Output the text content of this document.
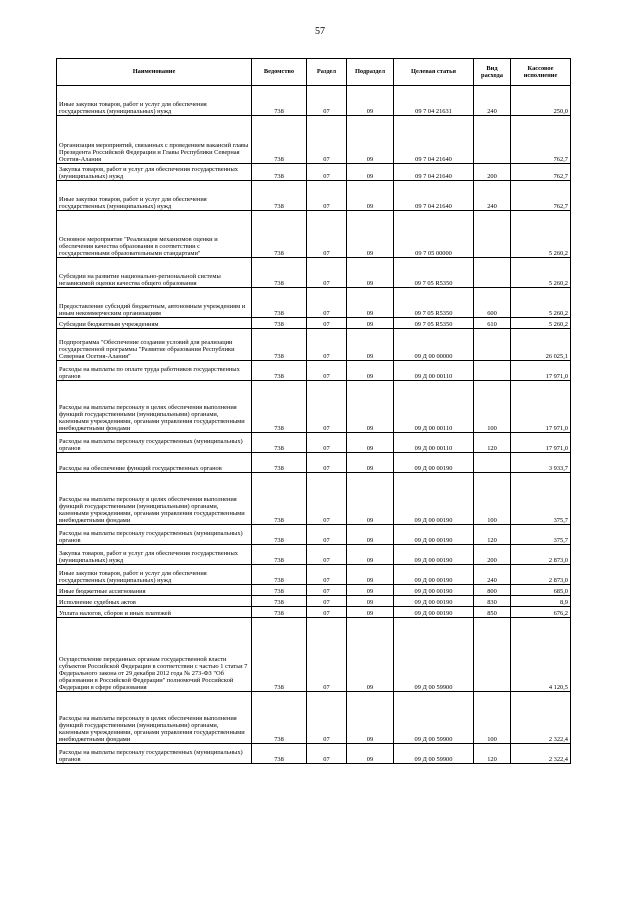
57
Наименование	Ведомство	Раздел	Подраздел	Целевая статья	Вид расхода	Кассовое исполнение
Иные закупки товаров, работ и услуг для обеспечения государственных (муниципальных) нужд	738	07	09	09 7 04 21631	240	250,0
Организация мероприятий, связанных с проведением вакансий главы Президента Российской Федерации и Главы Республики Северная Осетия-Алания	738	07	09	09 7 04 21640		762,7
Закупка товаров, работ и услуг для обеспечения государственных (муниципальных) нужд	738	07	09	09 7 04 21640	200	762,7
Иные закупки товаров, работ и услуг для обеспечения государственных (муниципальных) нужд	738	07	09	09 7 04 21640	240	762,7
Основное мероприятие "Реализация механизмов оценки и обеспечения качества образования в соответствии с государственными образовательными стандартами"	738	07	09	09 7 05 00000		5 260,2
Субсидии на развитие национально-региональной системы независимой оценки качества общего образования	738	07	09	09 7 05 R5350		5 260,2
Предоставление субсидий бюджетным, автономным учреждениям и иным некоммерческим организациям	738	07	09	09 7 05 R5350	600	5 260,2
Субсидии бюджетным учреждениям	738	07	09	09 7 05 R5350	610	5 260,2
Подпрограмма "Обеспечение создания условий для реализации государственной программы "Развитие образования Республики Северная Осетия-Алания"	738	07	09	09 Д 00 00000		26 025,1
Расходы на выплаты по оплате труда работников государственных органов	738	07	09	09 Д 00 00110		17 971,0
Расходы на выплаты персоналу в целях обеспечения выполнения функций государственными (муниципальными) органами, казенными учреждениями, органами управления государственными внебюджетными фондами	738	07	09	09 Д 00 00110	100	17 971,0
Расходы на выплаты персоналу государственных (муниципальных) органов	738	07	09	09 Д 00 00110	120	17 971,0
Расходы на обеспечение функций государственных органов	738	07	09	09 Д 00 00190		3 933,7
Расходы на выплаты персоналу в целях обеспечения выполнения функций государственными (муниципальными) органами, казенными учреждениями, органами управления государственными внебюджетными фондами	738	07	09	09 Д 00 00190	100	375,7
Расходы на выплаты персоналу государственных (муниципальных) органов	738	07	09	09 Д 00 00190	120	375,7
Закупка товаров, работ и услуг для обеспечения государственных (муниципальных) нужд	738	07	09	09 Д 00 00190	200	2 873,0
Иные закупки товаров, работ и услуг для обеспечения государственных (муниципальных) нужд	738	07	09	09 Д 00 00190	240	2 873,0
Иные бюджетные ассигнования	738	07	09	09 Д 00 00190	800	685,0
Исполнение судебных актов	738	07	09	09 Д 00 00190	830	8,9
Уплата налогов, сборов и иных платежей	738	07	09	09 Д 00 00190	850	676,2
Осуществление переданных органам государственной власти субъектов Российской Федерации в соответствии с частью 1 статьи 7 Федерального закона от 29 декабря 2012 года № 273-ФЗ "Об образовании в Российской Федерации" полномочий Российской Федерации в сфере образования	738	07	09	09 Д 00 59900		4 120,5
Расходы на выплаты персоналу в целях обеспечения выполнения функций государственными (муниципальными) органами, казенными учреждениями, органами управления государственными внебюджетными фондами	738	07	09	09 Д 00 59900	100	2 322,4
Расходы на выплаты персоналу государственных (муниципальных) органов	738	07	09	09 Д 00 59900	120	2 322,4
